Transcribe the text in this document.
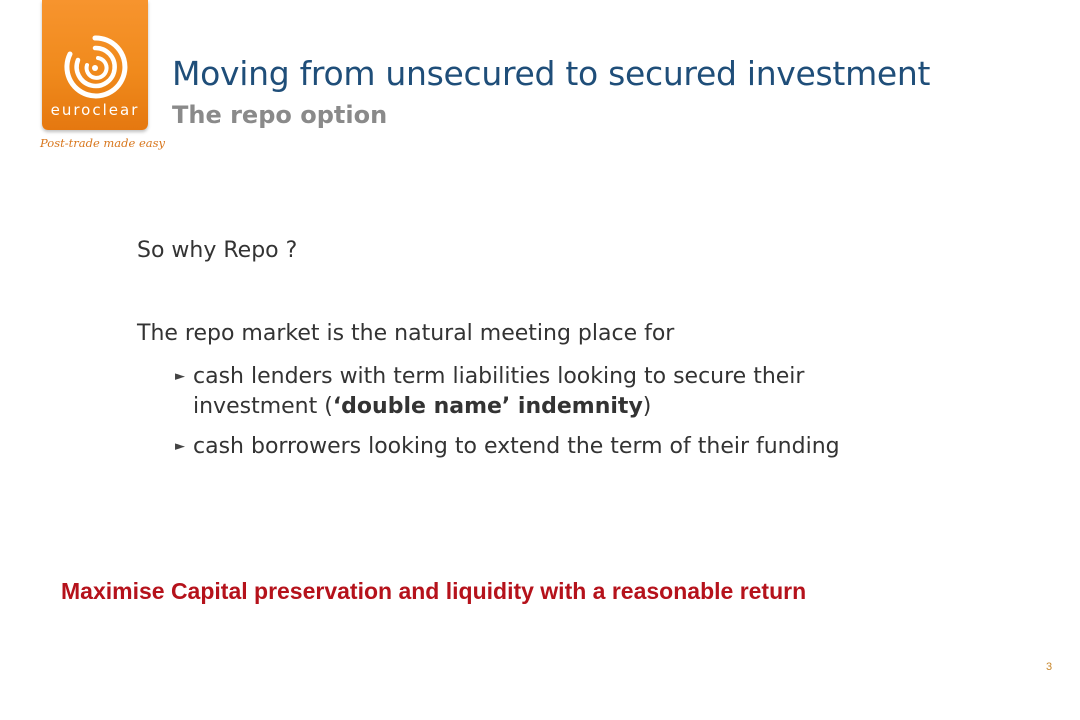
euroclear
Post-trade made easy
Moving from unsecured to secured investment
The repo option
So why Repo ?
The repo market is the natural meeting place for
► cash lenders with term liabilities looking to secure their investment (‘double name’ indemnity)
► cash borrowers looking to extend the term of their funding
Maximise Capital preservation and liquidity with a reasonable return
3
